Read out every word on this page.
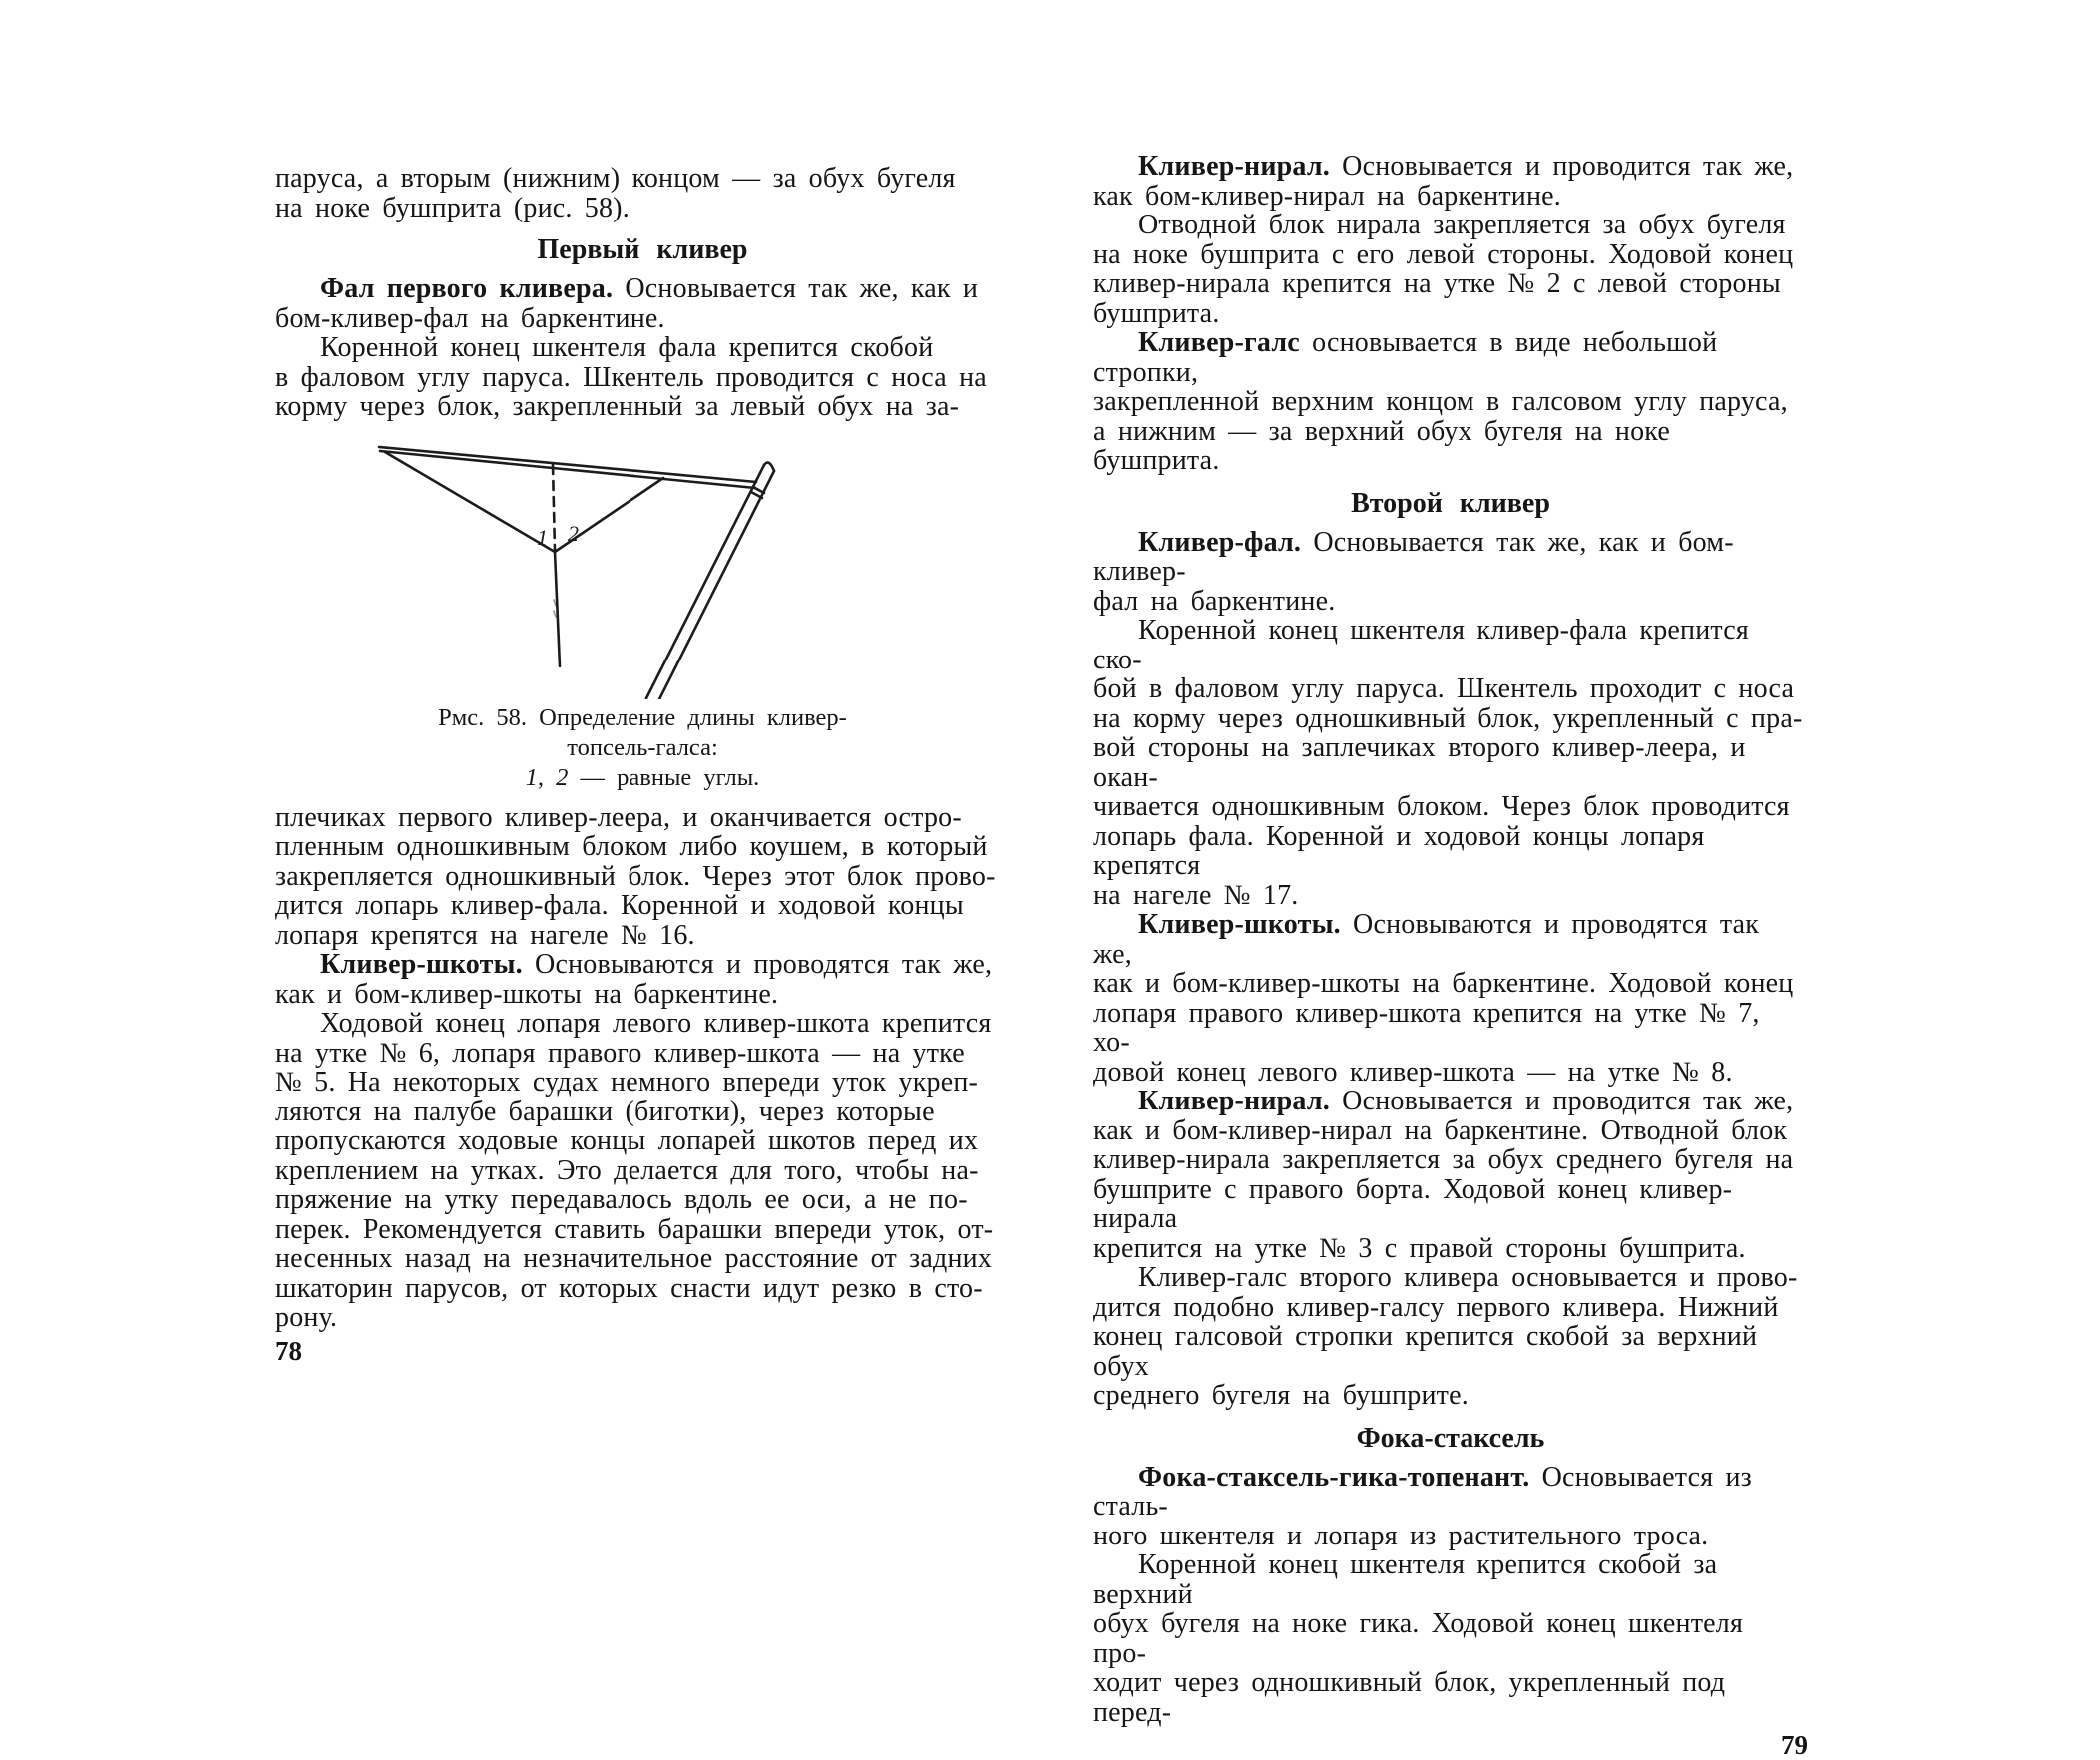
паруса, а вторым (нижним) концом — за обух бугеля
на ноке бушприта (рис. 58).

Первый кливер

Фал первого кливера. Основывается так же, как и
бом-кливер-фал на баркентине.

Коренной конец шкентеля фала крепится скобой
в фаловом углу паруса. Шкентель проводится с носа на
корму через блок, закрепленный за левый обух на за-

1 2
Рмс. 58. Определение длины кливер-
топсель-галса:
1, 2 — равные углы.

плечиках первого кливер-леера, и оканчивается остро-
пленным одношкивным блоком либо коушем, в который
закрепляется одношкивный блок. Через этот блок прово-
дится лопарь кливер-фала. Коренной и ходовой концы
лопаря крепятся на нагеле № 16.

Кливер-шкоты. Основываются и проводятся так же,
как и бом-кливер-шкоты на баркентине.

Ходовой конец лопаря левого кливер-шкота крепится
на утке № 6, лопаря правого кливер-шкота — на утке
№ 5. На некоторых судах немного впереди уток укреп-
ляются на палубе барашки (биготки), через которые
пропускаются ходовые концы лопарей шкотов перед их
креплением на утках. Это делается для того, чтобы на-
пряжение на утку передавалось вдоль ее оси, а не по-
перек. Рекомендуется ставить барашки впереди уток, от-
несенных назад на незначительное расстояние от задних
шкаторин парусов, от которых снасти идут резко в сто-
рону.

78

Кливер-нирал. Основывается и проводится так же,
как бом-кливер-нирал на баркентине.

Отводной блок нирала закрепляется за обух бугеля
на ноке бушприта с его левой стороны. Ходовой конец
кливер-нирала крепится на утке № 2 с левой стороны
бушприта.

Кливер-галс основывается в виде небольшой стропки,
закрепленной верхним концом в галсовом углу паруса,
а нижним — за верхний обух бугеля на ноке бушприта.

Второй кливер

Кливер-фал. Основывается так же, как и бом-кливер-
фал на баркентине.

Коренной конец шкентеля кливер-фала крепится ско-
бой в фаловом углу паруса. Шкентель проходит с носа
на корму через одношкивный блок, укрепленный с пра-
вой стороны на заплечиках второго кливер-леера, и окан-
чивается одношкивным блоком. Через блок проводится
лопарь фала. Коренной и ходовой концы лопаря крепятся
на нагеле № 17.

Кливер-шкоты. Основываются и проводятся так же,
как и бом-кливер-шкоты на баркентине. Ходовой конец
лопаря правого кливер-шкота крепится на утке № 7, хо-
довой конец левого кливер-шкота — на утке № 8.

Кливер-нирал. Основывается и проводится так же,
как и бом-кливер-нирал на баркентине. Отводной блок
кливер-нирала закрепляется за обух среднего бугеля на
бушприте с правого борта. Ходовой конец кливер-нирала
крепится на утке № 3 с правой стороны бушприта.

Кливер-галс второго кливера основывается и прово-
дится подобно кливер-галсу первого кливера. Нижний
конец галсовой стропки крепится скобой за верхний обух
среднего бугеля на бушприте.

Фока-стаксель

Фока-стаксель-гика-топенант. Основывается из сталь-
ного шкентеля и лопаря из растительного троса.

Коренной конец шкентеля крепится скобой за верхний
обух бугеля на ноке гика. Ходовой конец шкентеля про-
ходит через одношкивный блок, укрепленный под перед-

79
